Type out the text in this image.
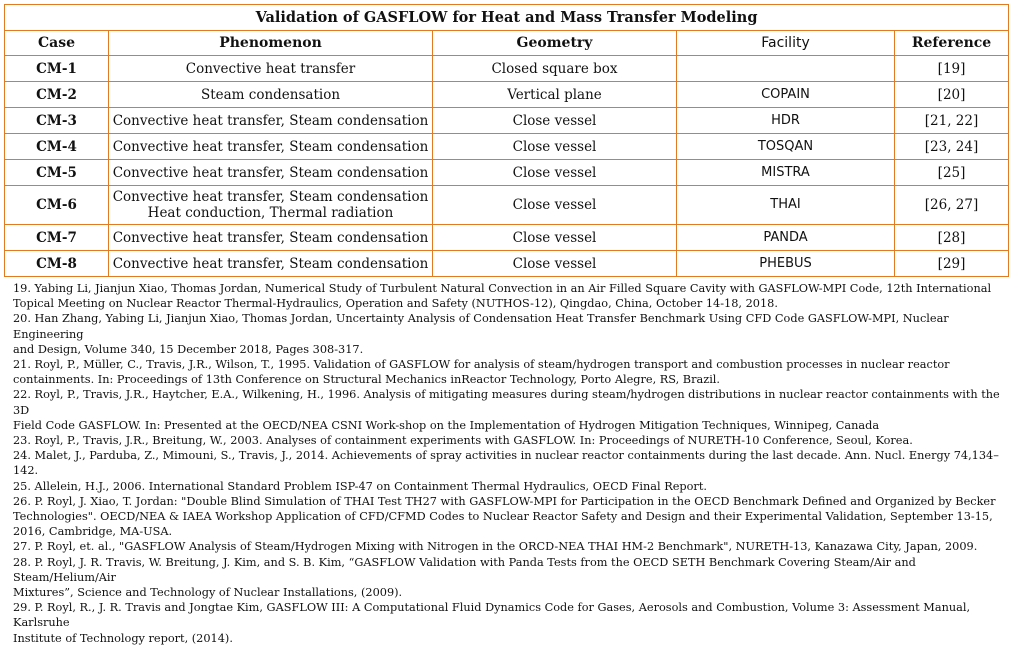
Validation of GASFLOW for Heat and Mass Transfer Modeling				
Case	Phenomenon	Geometry	Facility	Reference
CM-1	Convective heat transfer	Closed square box		[19]
CM-2	Steam condensation	Vertical plane	COPAIN	[20]
CM-3	Convective heat transfer, Steam condensation	Close vessel	HDR	[21, 22]
CM-4	Convective heat transfer, Steam condensation	Close vessel	TOSQAN	[23, 24]
CM-5	Convective heat transfer, Steam condensation	Close vessel	MISTRA	[25]
CM-6	Convective heat transfer, Steam condensation
Heat conduction, Thermal radiation	Close vessel	THAI	[26, 27]
CM-7	Convective heat transfer, Steam condensation	Close vessel	PANDA	[28]
CM-8	Convective heat transfer, Steam condensation	Close vessel	PHEBUS	[29]

19. Yabing Li, Jianjun Xiao, Thomas Jordan, Numerical Study of Turbulent Natural Convection in an Air Filled Square Cavity with GASFLOW-MPI Code, 12th International

Topical Meeting on Nuclear Reactor Thermal-Hydraulics, Operation and Safety (NUTHOS-12), Qingdao, China, October 14-18, 2018.

20. Han Zhang, Yabing Li, Jianjun Xiao, Thomas Jordan, Uncertainty Analysis of Condensation Heat Transfer Benchmark Using CFD Code GASFLOW-MPI, Nuclear Engineering

and Design, Volume 340, 15 December 2018, Pages 308-317.

21. Royl, P., Müller, C., Travis, J.R., Wilson, T., 1995. Validation of GASFLOW for analysis of steam/hydrogen transport and combustion processes in nuclear reactor

containments. In: Proceedings of 13th Conference on Structural Mechanics inReactor Technology, Porto Alegre, RS, Brazil.

22. Royl, P., Travis, J.R., Haytcher, E.A., Wilkening, H., 1996. Analysis of mitigating measures during steam/hydrogen distributions in nuclear reactor containments with the 3D

Field Code GASFLOW. In: Presented at the OECD/NEA CSNI Work-shop on the Implementation of Hydrogen Mitigation Techniques, Winnipeg, Canada

23. Royl, P., Travis, J.R., Breitung, W., 2003. Analyses of containment experiments with GASFLOW. In: Proceedings of NURETH-10 Conference, Seoul, Korea.

24. Malet, J., Parduba, Z., Mimouni, S., Travis, J., 2014. Achievements of spray activities in nuclear reactor containments during the last decade. Ann. Nucl. Energy 74,134–142.

25. Allelein, H.J., 2006. International Standard Problem ISP-47 on Containment Thermal Hydraulics, OECD Final Report.

26. P. Royl, J. Xiao, T. Jordan: "Double Blind Simulation of THAI Test TH27 with GASFLOW-MPI for Participation in the OECD Benchmark Defined and Organized by Becker

Technologies". OECD/NEA & IAEA Workshop Application of CFD/CFMD Codes to Nuclear Reactor Safety and Design and their Experimental Validation, September 13-15,

2016, Cambridge, MA-USA.

27. P. Royl, et. al., "GASFLOW Analysis of Steam/Hydrogen Mixing with Nitrogen in the ORCD-NEA THAI HM-2 Benchmark", NURETH-13, Kanazawa City, Japan, 2009.

28. P. Royl, J. R. Travis, W. Breitung, J. Kim, and S. B. Kim, “GASFLOW Validation with Panda Tests from the OECD SETH Benchmark Covering Steam/Air and Steam/Helium/Air

Mixtures”, Science and Technology of Nuclear Installations, (2009).

29. P. Royl, R., J. R. Travis and Jongtae Kim, GASFLOW III: A Computational Fluid Dynamics Code for Gases, Aerosols and Combustion, Volume 3: Assessment Manual, Karlsruhe

Institute of Technology report, (2014).
